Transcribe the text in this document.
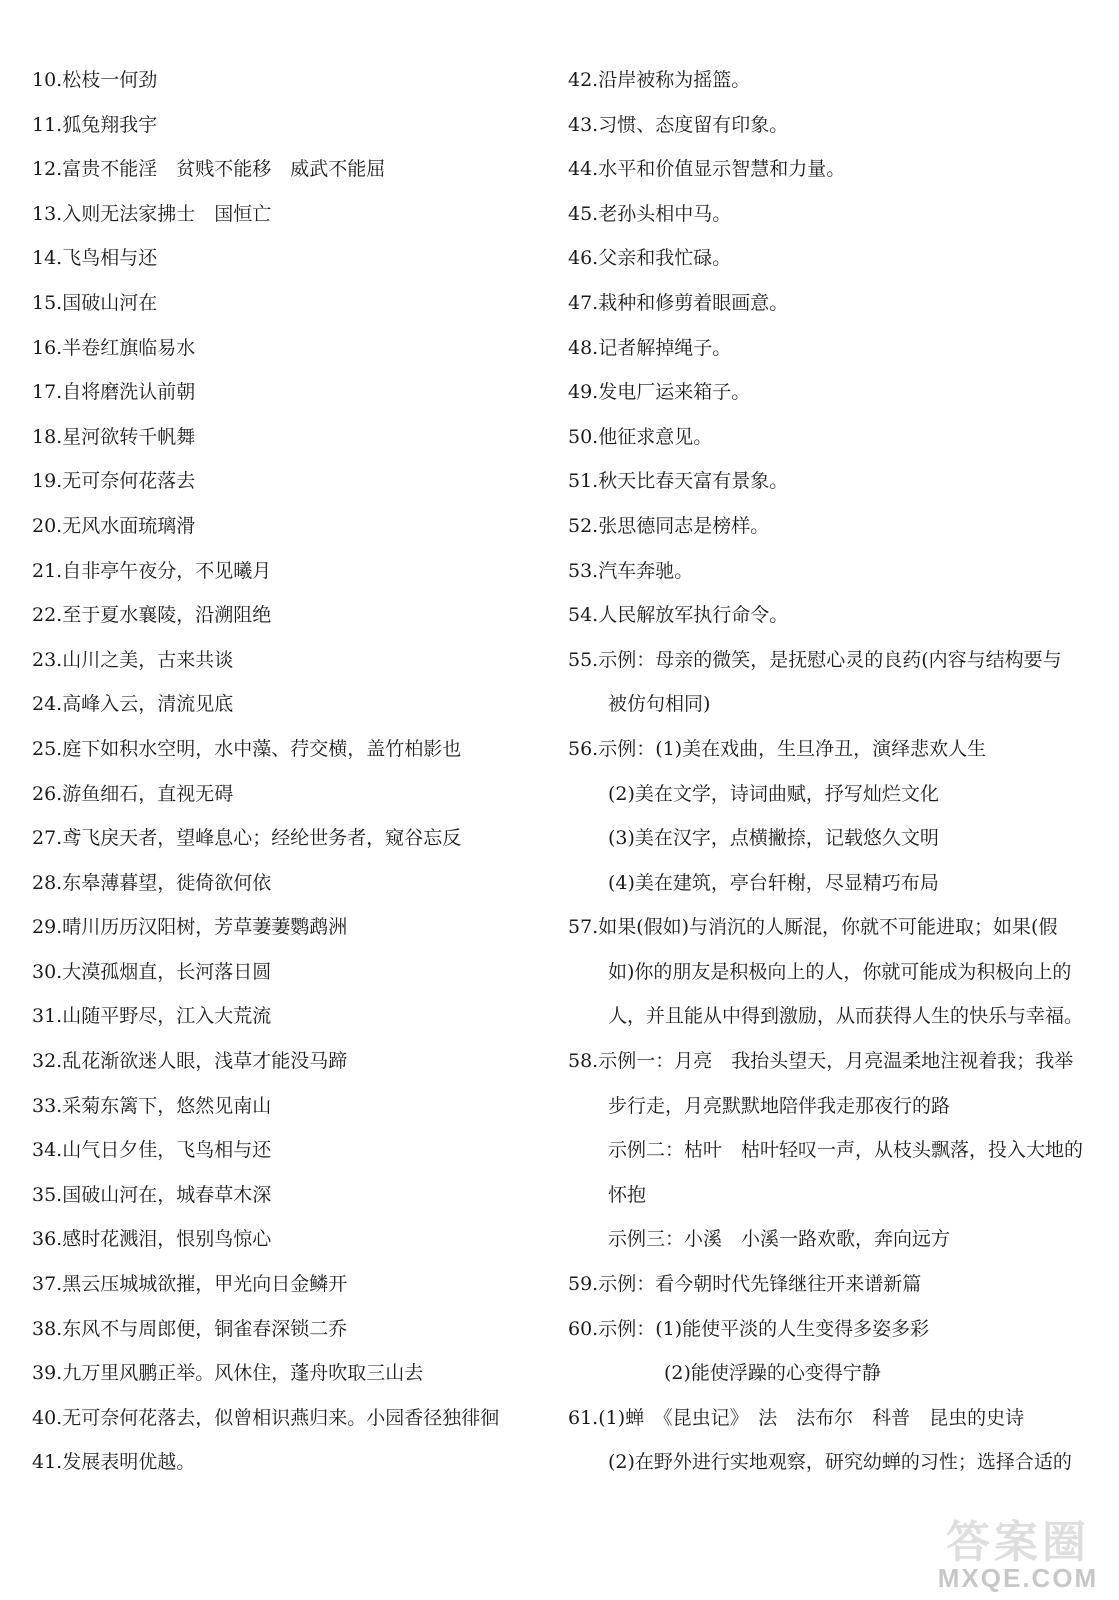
10.松枝一何劲
11.狐兔翔我宇
12.富贵不能淫　贫贱不能移　威武不能屈
13.入则无法家拂士　国恒亡
14.飞鸟相与还
15.国破山河在
16.半卷红旗临易水
17.自将磨洗认前朝
18.星河欲转千帆舞
19.无可奈何花落去
20.无风水面琉璃滑
21.自非亭午夜分，不见曦月
22.至于夏水襄陵，沿溯阻绝
23.山川之美，古来共谈
24.高峰入云，清流见底
25.庭下如积水空明，水中藻、荇交横，盖竹柏影也
26.游鱼细石，直视无碍
27.鸢飞戾天者，望峰息心；经纶世务者，窥谷忘反
28.东皋薄暮望，徙倚欲何依
29.晴川历历汉阳树，芳草萋萋鹦鹉洲
30.大漠孤烟直，长河落日圆
31.山随平野尽，江入大荒流
32.乱花渐欲迷人眼，浅草才能没马蹄
33.采菊东篱下，悠然见南山
34.山气日夕佳，飞鸟相与还
35.国破山河在，城春草木深
36.感时花溅泪，恨别鸟惊心
37.黑云压城城欲摧，甲光向日金鳞开
38.东风不与周郎便，铜雀春深锁二乔
39.九万里风鹏正举。风休住，蓬舟吹取三山去
40.无可奈何花落去，似曾相识燕归来。小园香径独徘徊
41.发展表明优越。
42.沿岸被称为摇篮。
43.习惯、态度留有印象。
44.水平和价值显示智慧和力量。
45.老孙头相中马。
46.父亲和我忙碌。
47.栽种和修剪着眼画意。
48.记者解掉绳子。
49.发电厂运来箱子。
50.他征求意见。
51.秋天比春天富有景象。
52.张思德同志是榜样。
53.汽车奔驰。
54.人民解放军执行命令。
55.示例：母亲的微笑，是抚慰心灵的良药(内容与结构要与
被仿句相同)
56.示例：(1)美在戏曲，生旦净丑，演绎悲欢人生
(2)美在文学，诗词曲赋，抒写灿烂文化
(3)美在汉字，点横撇捺，记载悠久文明
(4)美在建筑，亭台轩榭，尽显精巧布局
57.如果(假如)与消沉的人厮混，你就不可能进取；如果(假
如)你的朋友是积极向上的人，你就可能成为积极向上的
人，并且能从中得到激励，从而获得人生的快乐与幸福。
58.示例一：月亮　我抬头望天，月亮温柔地注视着我；我举
步行走，月亮默默地陪伴我走那夜行的路
示例二：枯叶　枯叶轻叹一声，从枝头飘落，投入大地的
怀抱
示例三：小溪　小溪一路欢歌，奔向远方
59.示例：看今朝时代先锋继往开来谱新篇
60.示例：(1)能使平淡的人生变得多姿多彩
(2)能使浮躁的心变得宁静
61.(1)蝉　《昆虫记》　法　法布尔　科普　昆虫的史诗
(2)在野外进行实地观察，研究幼蝉的习性；选择合适的
答案圈
MXQE.COM
